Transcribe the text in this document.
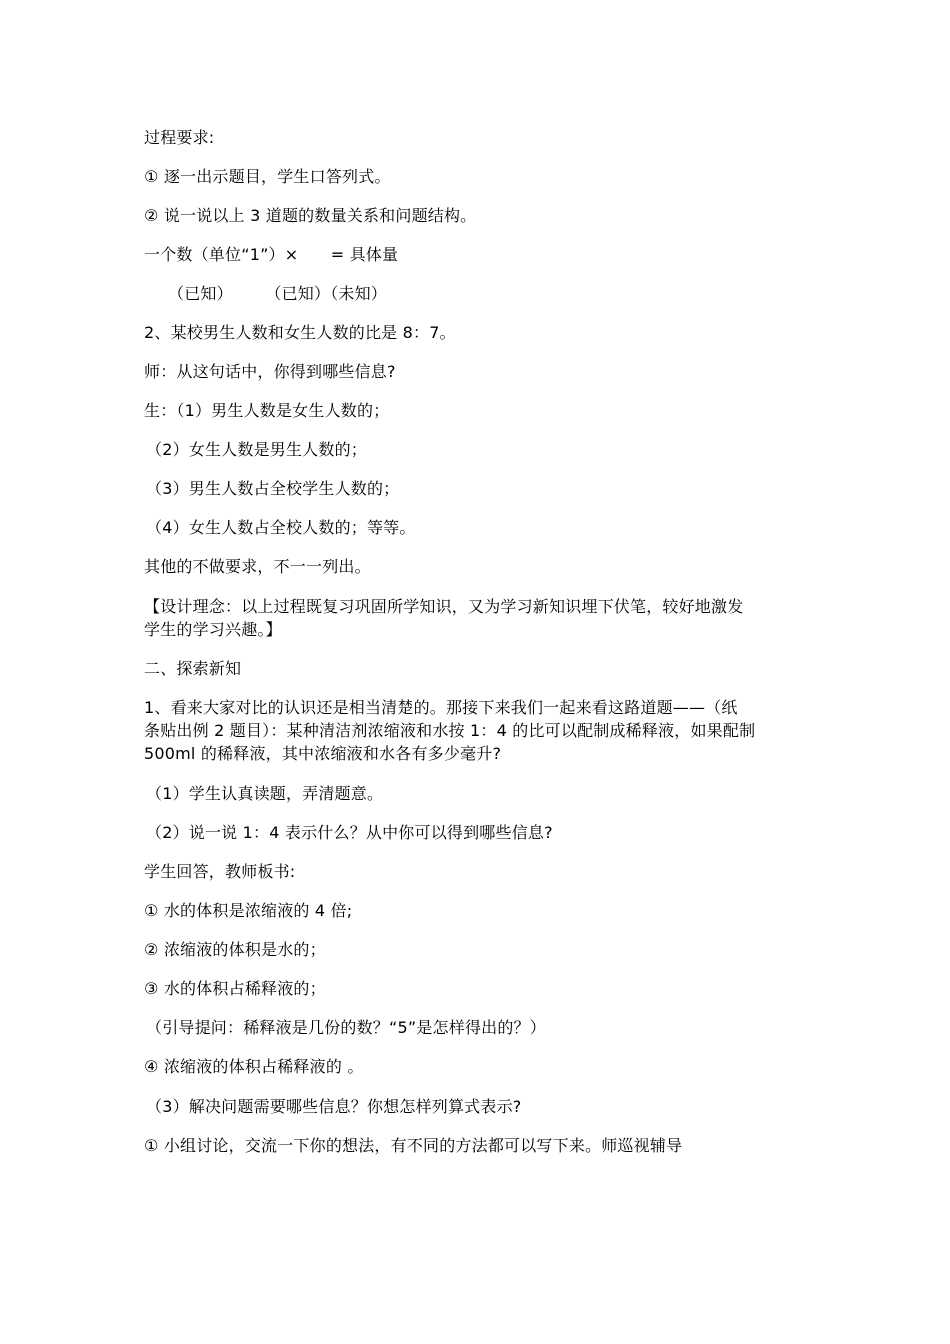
过程要求:
① 逐一出示题目，学生口答列式。
② 说一说以上 3 道题的数量关系和问题结构。
一个数（单位“1”）×　　= 具体量
（已知）　　　（已知）（未知）
2、某校男生人数和女生人数的比是 8：7。
师：从这句话中，你得到哪些信息?
生：（1）男生人数是女生人数的；
（2）女生人数是男生人数的；
（3）男生人数占全校学生人数的；
（4）女生人数占全校人数的；等等。
其他的不做要求，不一一列出。
【设计理念：以上过程既复习巩固所学知识，又为学习新知识埋下伏笔，较好地激发
学生的学习兴趣。】
二、探索新知
1、看来大家对比的认识还是相当清楚的。那接下来我们一起来看这路道题——（纸
条贴出例 2 题目）：某种清洁剂浓缩液和水按 1：4 的比可以配制成稀释液，如果配制
500ml 的稀释液，其中浓缩液和水各有多少毫升?
（1）学生认真读题，弄清题意。
（2）说一说 1：4 表示什么？从中你可以得到哪些信息?
学生回答，教师板书:
① 水的体积是浓缩液的 4 倍;
② 浓缩液的体积是水的；
③ 水的体积占稀释液的；
（引导提问：稀释液是几份的数？“5”是怎样得出的？）
④ 浓缩液的体积占稀释液的 。
（3）解决问题需要哪些信息？你想怎样列算式表示?
① 小组讨论，交流一下你的想法，有不同的方法都可以写下来。师巡视辅导
